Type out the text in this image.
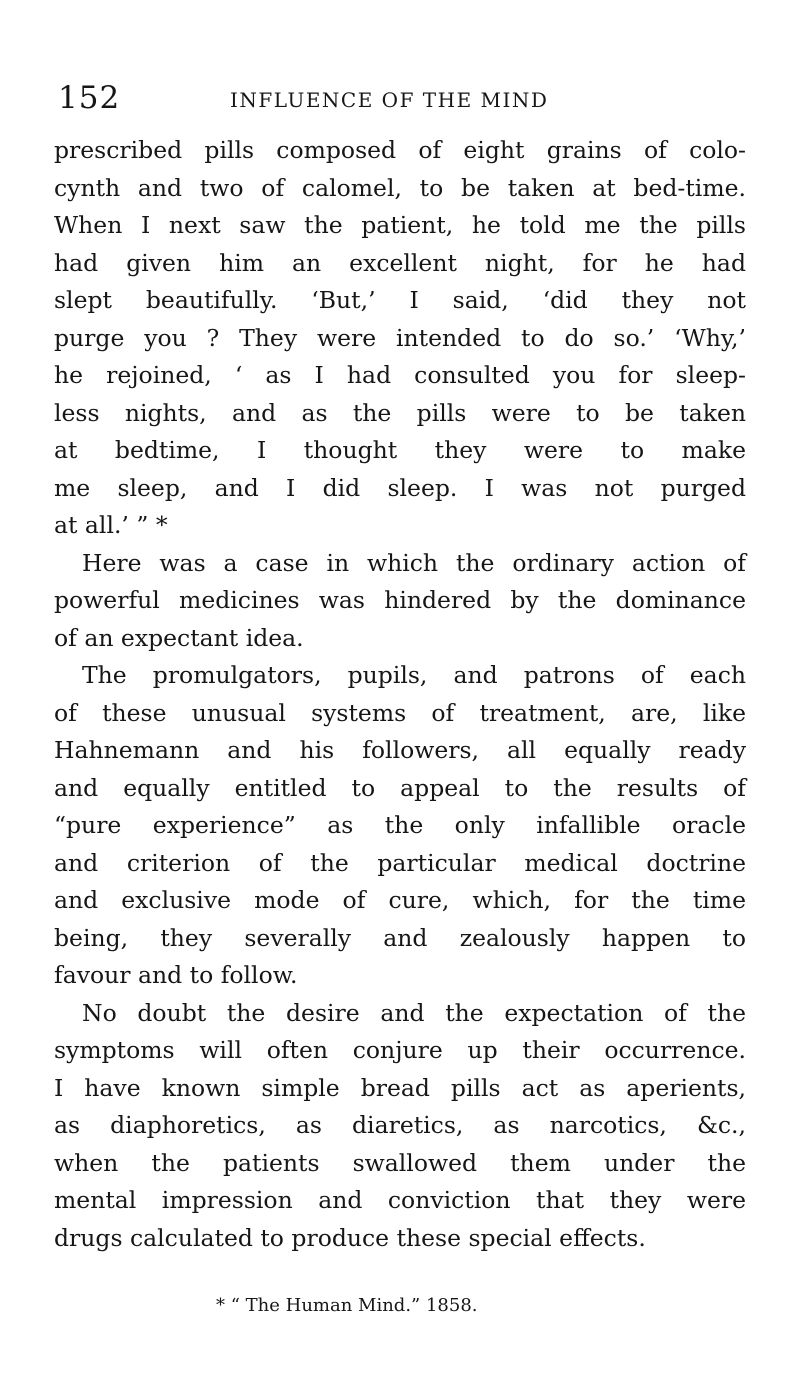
152	INFLUENCE OF THE MIND
prescribed pills composed of eight grains of colo-
cynth and two of calomel, to be taken at bed-time.
When I next saw the patient, he told me the pills
had given him an excellent night, for he had
slept beautifully. ‘But,’ I said, ‘did they not
purge you ? They were intended to do so.’ ‘Why,’
he rejoined, ‘ as I had consulted you for sleep-
less nights, and as the pills were to be taken
at bedtime, I thought they were to make
me sleep, and I did sleep. I was not purged
at all.’ ” *
Here was a case in which the ordinary action of
powerful medicines was hindered by the dominance
of an expectant idea.
The promulgators, pupils, and patrons of each
of these unusual systems of treatment, are, like
Hahnemann and his followers, all equally ready
and equally entitled to appeal to the results of
“pure experience” as the only infallible oracle
and criterion of the particular medical doctrine
and exclusive mode of cure, which, for the time
being, they severally and zealously happen to
favour and to follow.
No doubt the desire and the expectation of the
symptoms will often conjure up their occurrence.
I have known simple bread pills act as aperients,
as diaphoretics, as diaretics, as narcotics, &c.,
when the patients swallowed them under the
mental impression and conviction that they were
drugs calculated to produce these special effects.
* “ The Human Mind.” 1858.
